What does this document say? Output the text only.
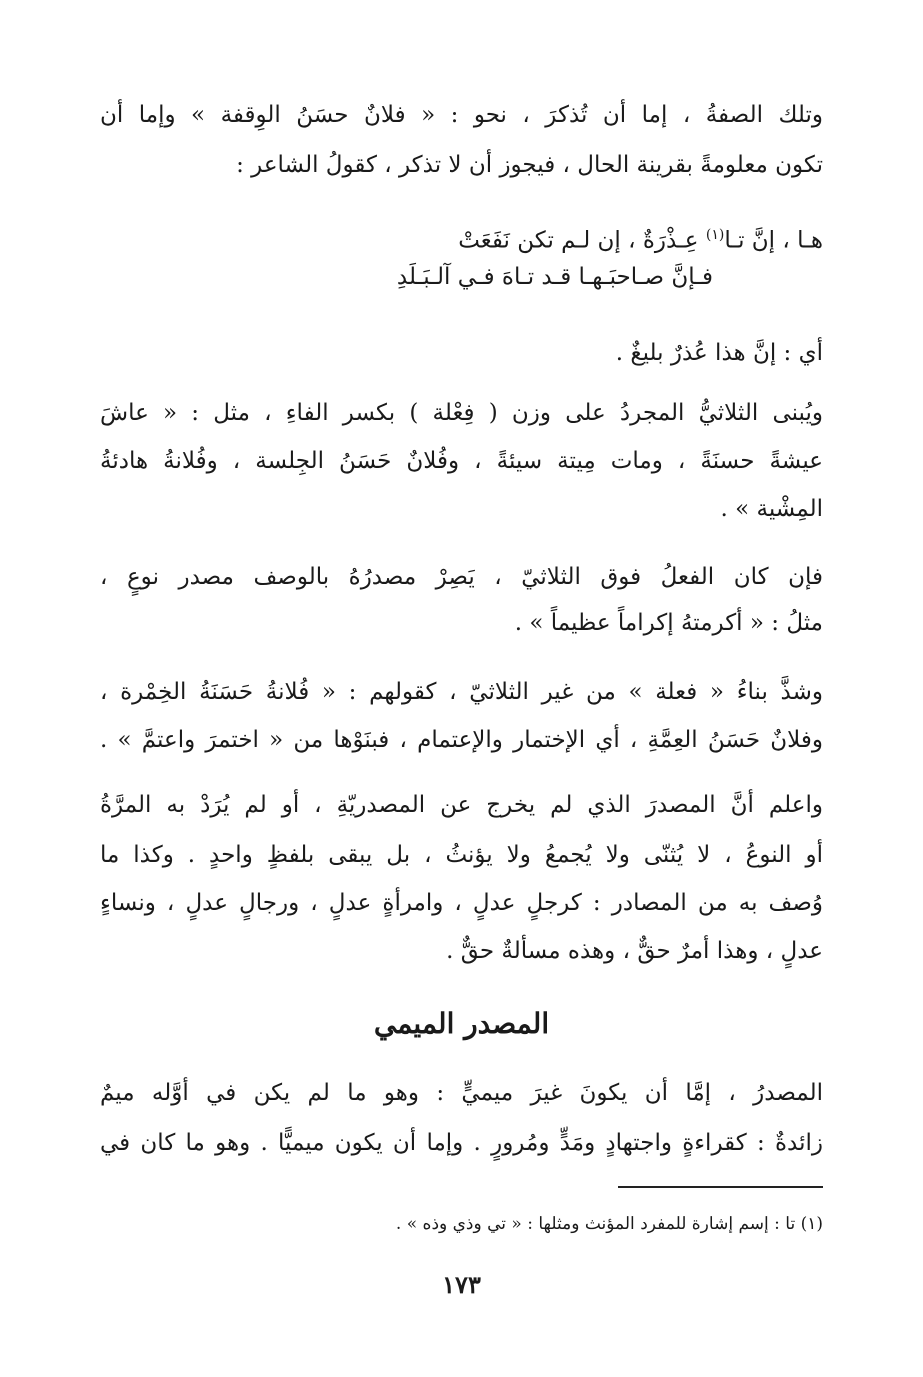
وتلك الصفةُ ، إما أن تُذكرَ ، نحو : « فلانٌ حسَنُ الوِقفة » وإما أن
تكون معلومةً بقرينة الحال ، فيجوز أن لا تذكر ، كقولُ الشاعر :
هـا ، إنَّ تـا$^{(١)}$ عِـذْرَةٌ ، إن لـم تكن نَفَعَتْ
فـإنَّ صـاحبَـهـا قـد تـاهَ فـي آلـبَـلَدِ
أي : إنَّ هذا عُذرٌ بليغٌ .
ويُبنى الثلاثيُّ المجردُ على وزن ( فِعْلة ) بكسر الفاءِ ، مثل : « عاشَ
عيشةً حسنَةً ، ومات مِيتة سيئةً ، وفُلانٌ حَسَنُ الجِلسة ، وفُلانةُ هادئةُ
المِشْية » .
فإن كان الفعلُ فوق الثلاثيّ ، يَصِرْ مصدرُهُ بالوصف مصدر نوعٍ ،
مثلُ : « أكرمتهُ إكراماً عظيماً » .
وشذَّ بناءُ « فعلة » من غير الثلاثيّ ، كقولهم : « فُلانةُ حَسَنَةُ الخِمْرة ،
وفلانٌ حَسَنُ العِمَّةِ ، أي الإختمار والإعتمام ، فبنَوْها من « اختمرَ واعتمَّ » .
واعلم أنَّ المصدرَ الذي لم يخرج عن المصدريّةِ ، أو لم يُرَدْ به المرَّةُ
أو النوعُ ، لا يُثنّى ولا يُجمعُ ولا يؤنثُ ، بل يبقى بلفظٍ واحدٍ . وكذا ما
وُصف به من المصادر : كرجلٍ عدلٍ ، وامرأةٍ عدلٍ ، ورجالٍ عدلٍ ، ونساءٍ
عدلٍ ، وهذا أمرٌ حقٌّ ، وهذه مسألةٌ حقٌّ .
المصدر الميمي
المصدرُ ، إمَّا أن يكونَ غيرَ ميميٍّ : وهو ما لم يكن في أوَّله ميمٌ
زائدةٌ : كقراءةٍ واجتهادٍ ومَدٍّ ومُرورٍ . وإما أن يكون ميميًّا . وهو ما كان في
(١) تا : إسم إشارة للمفرد المؤنث ومثلها : « تي وذي وذه » .
١٧٣
